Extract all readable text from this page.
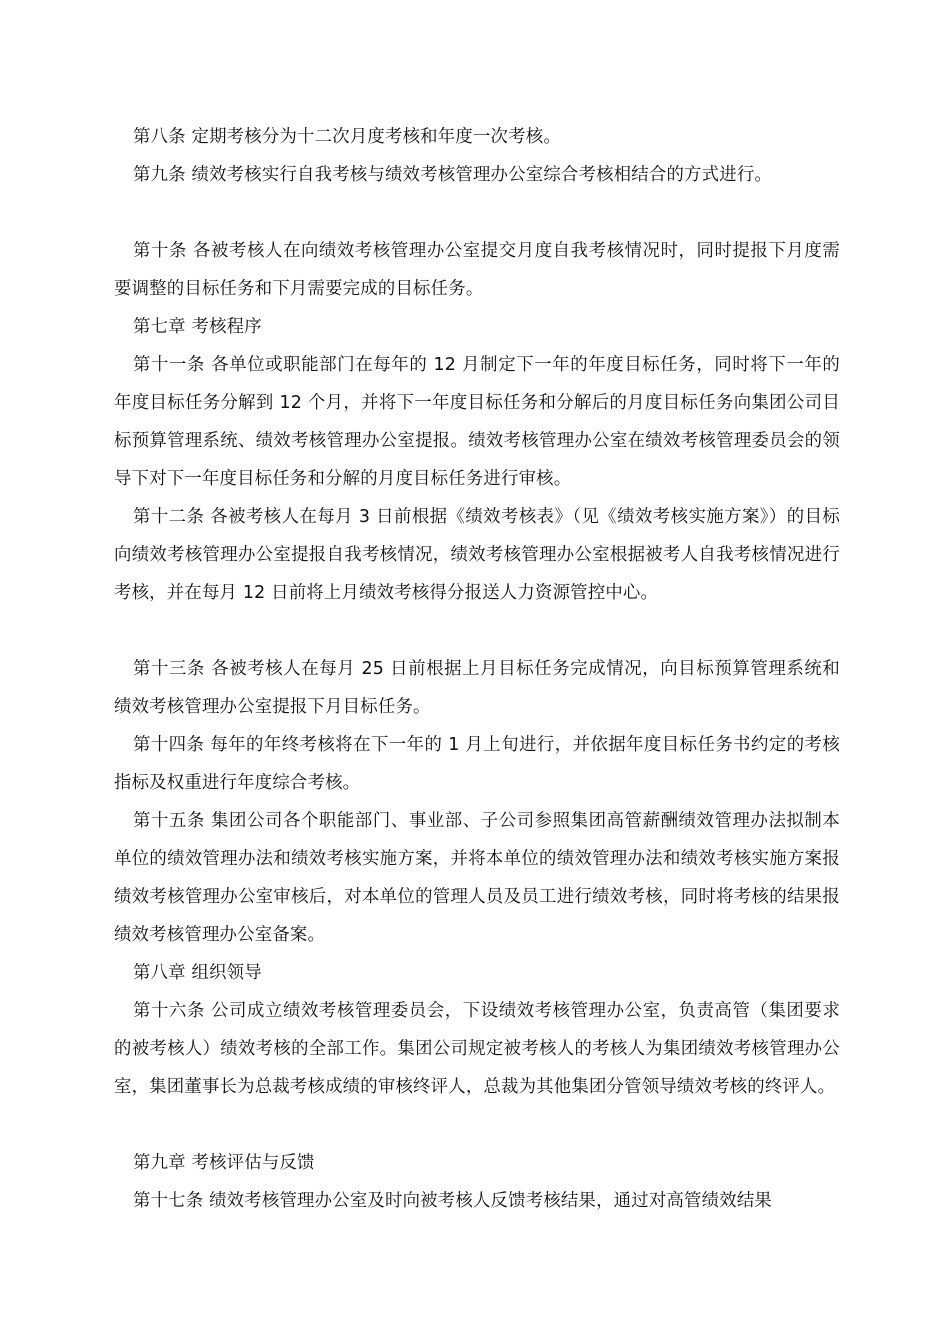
第八条 定期考核分为十二次月度考核和年度一次考核。

第九条 绩效考核实行自我考核与绩效考核管理办公室综合考核相结合的方式进行。

第十条 各被考核人在向绩效考核管理办公室提交月度自我考核情况时，同时提报下月度需要调整的目标任务和下月需要完成的目标任务。

第七章 考核程序

第十一条 各单位或职能部门在每年的 12 月制定下一年的年度目标任务，同时将下一年的年度目标任务分解到 12 个月，并将下一年度目标任务和分解后的月度目标任务向集团公司目标预算管理系统、绩效考核管理办公室提报。绩效考核管理办公室在绩效考核管理委员会的领导下对下一年度目标任务和分解的月度目标任务进行审核。

第十二条 各被考核人在每月 3 日前根据《绩效考核表》（见《绩效考核实施方案》）的目标向绩效考核管理办公室提报自我考核情况，绩效考核管理办公室根据被考人自我考核情况进行考核，并在每月 12 日前将上月绩效考核得分报送人力资源管控中心。

第十三条 各被考核人在每月 25 日前根据上月目标任务完成情况，向目标预算管理系统和绩效考核管理办公室提报下月目标任务。

第十四条 每年的年终考核将在下一年的 1 月上旬进行，并依据年度目标任务书约定的考核指标及权重进行年度综合考核。

第十五条 集团公司各个职能部门、事业部、子公司参照集团高管薪酬绩效管理办法拟制本单位的绩效管理办法和绩效考核实施方案，并将本单位的绩效管理办法和绩效考核实施方案报绩效考核管理办公室审核后，对本单位的管理人员及员工进行绩效考核，同时将考核的结果报绩效考核管理办公室备案。

第八章 组织领导

第十六条 公司成立绩效考核管理委员会，下设绩效考核管理办公室，负责高管（集团要求的被考核人）绩效考核的全部工作。集团公司规定被考核人的考核人为集团绩效考核管理办公室，集团董事长为总裁考核成绩的审核终评人，总裁为其他集团分管领导绩效考核的终评人。

第九章 考核评估与反馈

第十七条 绩效考核管理办公室及时向被考核人反馈考核结果，通过对高管绩效结果
